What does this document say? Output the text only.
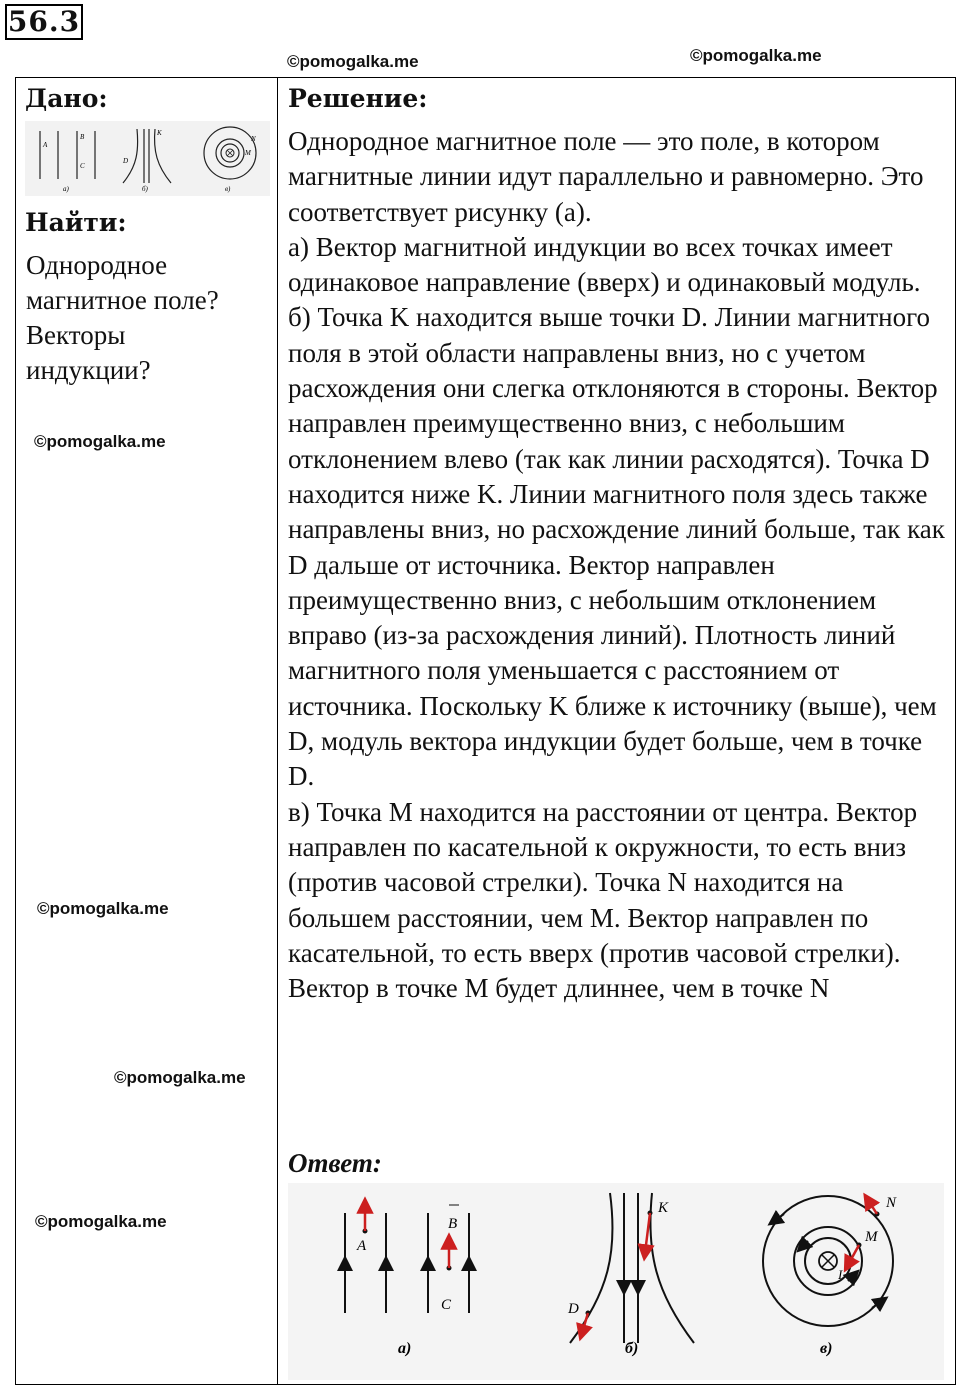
56.3
©pomogalka.me	©pomogalka.me
Дано:
A
B
C
a)
K
D
б)
N
M
в)
Найти:
Однородное
магнитное поле?
Векторы
индукции?
©pomogalka.me
©pomogalka.me
©pomogalka.me
©pomogalka.me
Решение:

Однородное магнитное поле — это поле, в котором магнитные линии идут параллельно и равномерно. Это соответствует рисунку (а).

а) Вектор магнитной индукции во всех точках имеет одинаковое направление (вверх) и одинаковый модуль.

б) Точка K находится выше точки D. Линии магнитного поля в этой области направлены вниз, но с учетом расхождения они слегка отклоняются в стороны. Вектор направлен преимущественно вниз, с небольшим отклонением влево (так как линии расходятся). Точка D находится ниже K. Линии магнитного поля здесь также направлены вниз, но расхождение линий больше, так как D дальше от источника. Вектор направлен преимущественно вниз, с небольшим отклонением вправо (из-за расхождения линий). Плотность линий магнитного поля уменьшается с расстоянием от источника. Поскольку K ближе к источнику (выше), чем D, модуль вектора индукции будет больше, чем в точке D.

в) Точка M находится на расстоянии от центра. Вектор направлен по касательной к окружности, то есть вниз (против часовой стрелки). Точка N находится на большем расстоянии, чем M. Вектор направлен по касательной, то есть вверх (против часовой стрелки). Вектор в точке M будет длиннее, чем в точке N

Ответ:
A
B
C
а)
K
D
б)
I
M
N
в)
